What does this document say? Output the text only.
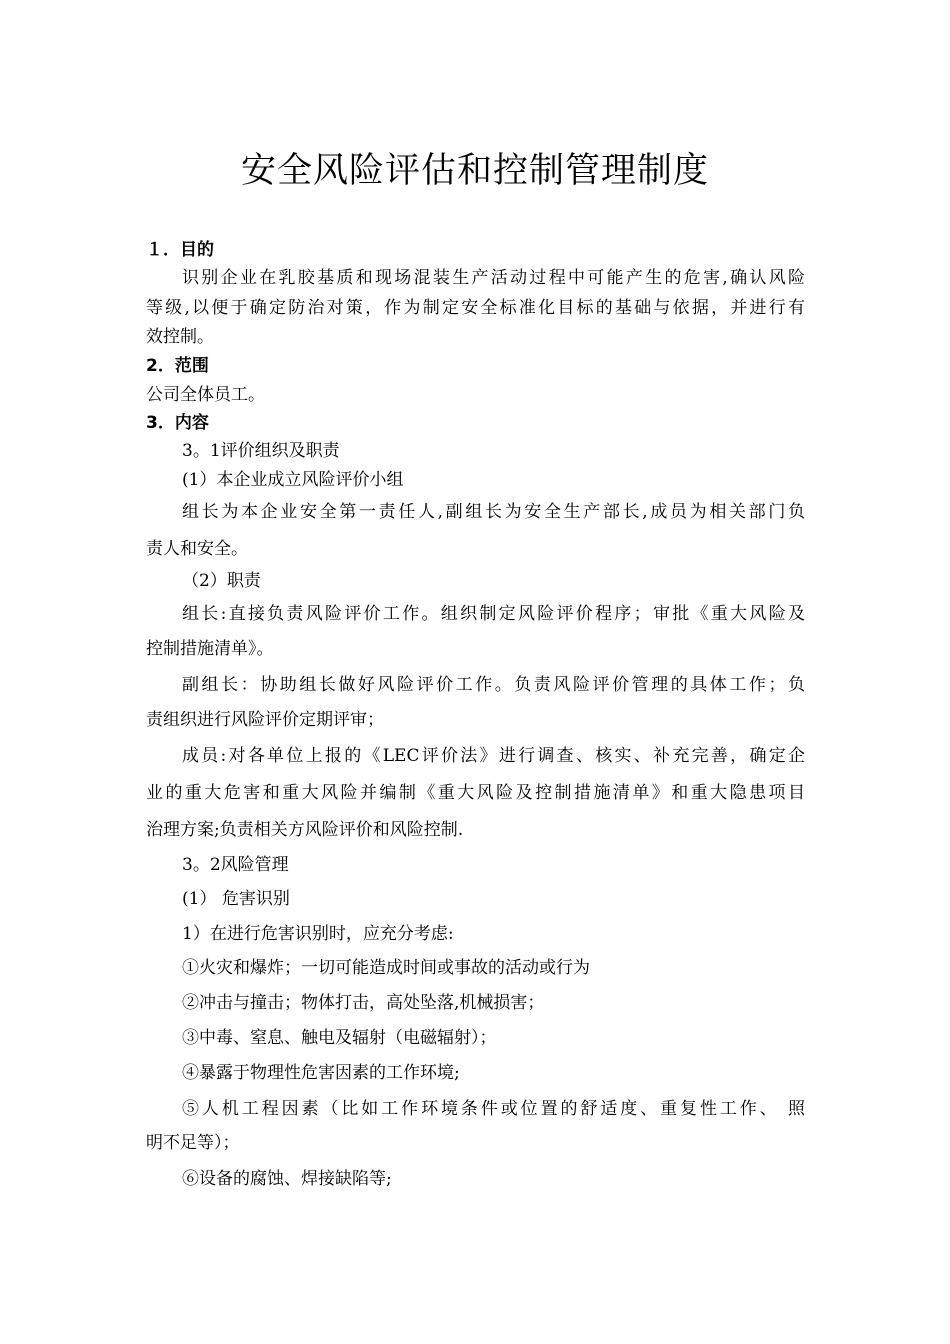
安全风险评估和控制管理制度
１．目的
识别企业在乳胶基质和现场混装生产活动过程中可能产生的危害,确认风险
等级,以便于确定防治对策，作为制定安全标准化目标的基础与依据，并进行有
效控制。
2．范围
公司全体员工。
3．内容
3。1评价组织及职责
(1）本企业成立风险评价小组
组长为本企业安全第一责任人,副组长为安全生产部长,成员为相关部门负
责人和安全。
（2）职责
组长:直接负责风险评价工作。组织制定风险评价程序；审批《重大风险及
控制措施清单》。
副组长：协助组长做好风险评价工作。负责风险评价管理的具体工作；负
责组织进行风险评价定期评审；
成员:对各单位上报的《LEC评价法》进行调查、核实、补充完善，确定企
业的重大危害和重大风险并编制《重大风险及控制措施清单》和重大隐患项目
治理方案;负责相关方风险评价和风险控制.
3。2风险管理
(1） 危害识别
1）在进行危害识别时，应充分考虑:
①火灾和爆炸；一切可能造成时间或事故的活动或行为
②冲击与撞击；物体打击，高处坠落,机械损害；
③中毒、窒息、触电及辐射（电磁辐射）；
④暴露于物理性危害因素的工作环境;
⑤人机工程因素（比如工作环境条件或位置的舒适度、重复性工作、 照
明不足等）；
⑥设备的腐蚀、焊接缺陷等;
